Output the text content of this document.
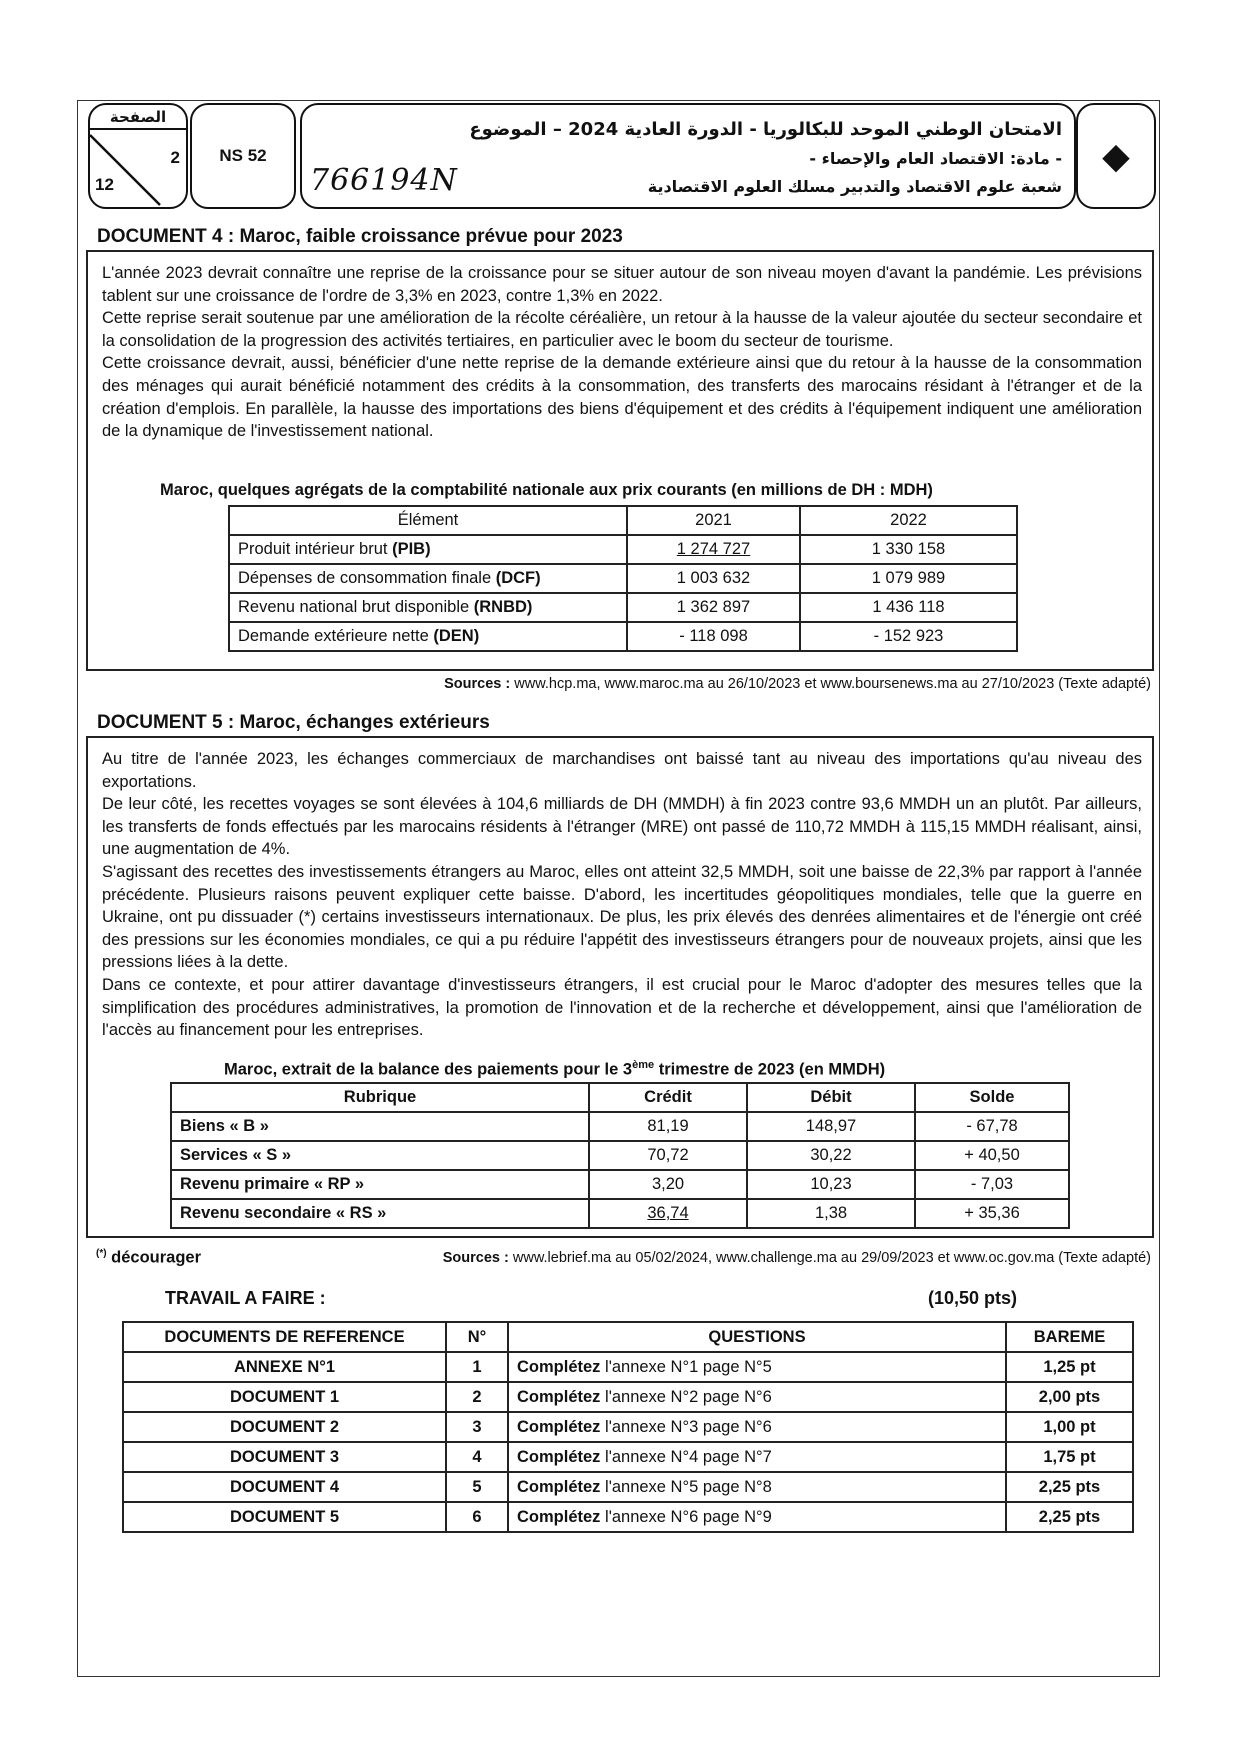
الصفحة
2
12
NS 52
الامتحان الوطني الموحد للبكالوريا - الدورة العادية 2024 – الموضوع
- مادة: الاقتصاد العام والإحصاء -
شعبة علوم الاقتصاد والتدبير مسلك العلوم الاقتصادية
766194N
◆
DOCUMENT 4 : Maroc, faible croissance prévue pour 2023

L'année 2023 devrait connaître une reprise de la croissance pour se situer autour de son niveau moyen d'avant la pandémie. Les prévisions tablent sur une croissance de l'ordre de 3,3% en 2023, contre 1,3% en 2022.

Cette reprise serait soutenue par une amélioration de la récolte céréalière, un retour à la hausse de la valeur ajoutée du secteur secondaire et la consolidation de la progression des activités tertiaires, en particulier avec le boom du secteur de tourisme.

Cette croissance devrait, aussi, bénéficier d'une nette reprise de la demande extérieure ainsi que du retour à la hausse de la consommation des ménages qui aurait bénéficié notamment des crédits à la consommation, des transferts des marocains résidant à l'étranger et de la création d'emplois. En parallèle, la hausse des importations des biens d'équipement et des crédits à l'équipement indiquent une amélioration de la dynamique de l'investissement national.

Maroc, quelques agrégats de la comptabilité nationale aux prix courants (en millions de DH : MDH)
Élément	2021	2022
Produit intérieur brut (PIB)	1 274 727	1 330 158
Dépenses de consommation finale (DCF)	1 003 632	1 079 989
Revenu national brut disponible (RNBD)	1 362 897	1 436 118
Demande extérieure nette (DEN)	- 118 098	- 152 923
Sources : www.hcp.ma, www.maroc.ma au 26/10/2023 et www.boursenews.ma au 27/10/2023 (Texte adapté)
DOCUMENT 5 : Maroc, échanges extérieurs

Au titre de l'année 2023, les échanges commerciaux de marchandises ont baissé tant au niveau des importations qu'au niveau des exportations.

De leur côté, les recettes voyages se sont élevées à 104,6 milliards de DH (MMDH) à fin 2023 contre 93,6 MMDH un an plutôt. Par ailleurs, les transferts de fonds effectués par les marocains résidents à l'étranger (MRE) ont passé de 110,72 MMDH à 115,15 MMDH réalisant, ainsi, une augmentation de 4%.

S'agissant des recettes des investissements étrangers au Maroc, elles ont atteint 32,5 MMDH, soit une baisse de 22,3% par rapport à l'année précédente. Plusieurs raisons peuvent expliquer cette baisse. D'abord, les incertitudes géopolitiques mondiales, telle que la guerre en Ukraine, ont pu dissuader (*) certains investisseurs internationaux. De plus, les prix élevés des denrées alimentaires et de l'énergie ont créé des pressions sur les économies mondiales, ce qui a pu réduire l'appétit des investisseurs étrangers pour de nouveaux projets, ainsi que les pressions liées à la dette.

Dans ce contexte, et pour attirer davantage d'investisseurs étrangers, il est crucial pour le Maroc d'adopter des mesures telles que la simplification des procédures administratives, la promotion de l'innovation et de la recherche et développement, ainsi que l'amélioration de l'accès au financement pour les entreprises.

Maroc, extrait de la balance des paiements pour le 3ème trimestre de 2023 (en MMDH)
Rubrique	Crédit	Débit	Solde
Biens « B »	81,19	148,97	- 67,78
Services « S »	70,72	30,22	+ 40,50
Revenu primaire « RP »	3,20	10,23	- 7,03
Revenu secondaire « RS »	36,74	1,38	+ 35,36
(*) décourager	Sources : www.lebrief.ma au 05/02/2024, www.challenge.ma au 29/09/2023 et www.oc.gov.ma (Texte adapté)
TRAVAIL A FAIRE :	(10,50 pts)
DOCUMENTS DE REFERENCE	N°	QUESTIONS	BAREME
ANNEXE N°1	1	Complétez l'annexe N°1 page N°5	1,25 pt
DOCUMENT 1	2	Complétez l'annexe N°2 page N°6	2,00 pts
DOCUMENT 2	3	Complétez l'annexe N°3 page N°6	1,00 pt
DOCUMENT 3	4	Complétez l'annexe N°4 page N°7	1,75 pt
DOCUMENT 4	5	Complétez l'annexe N°5 page N°8	2,25 pts
DOCUMENT 5	6	Complétez l'annexe N°6 page N°9	2,25 pts
